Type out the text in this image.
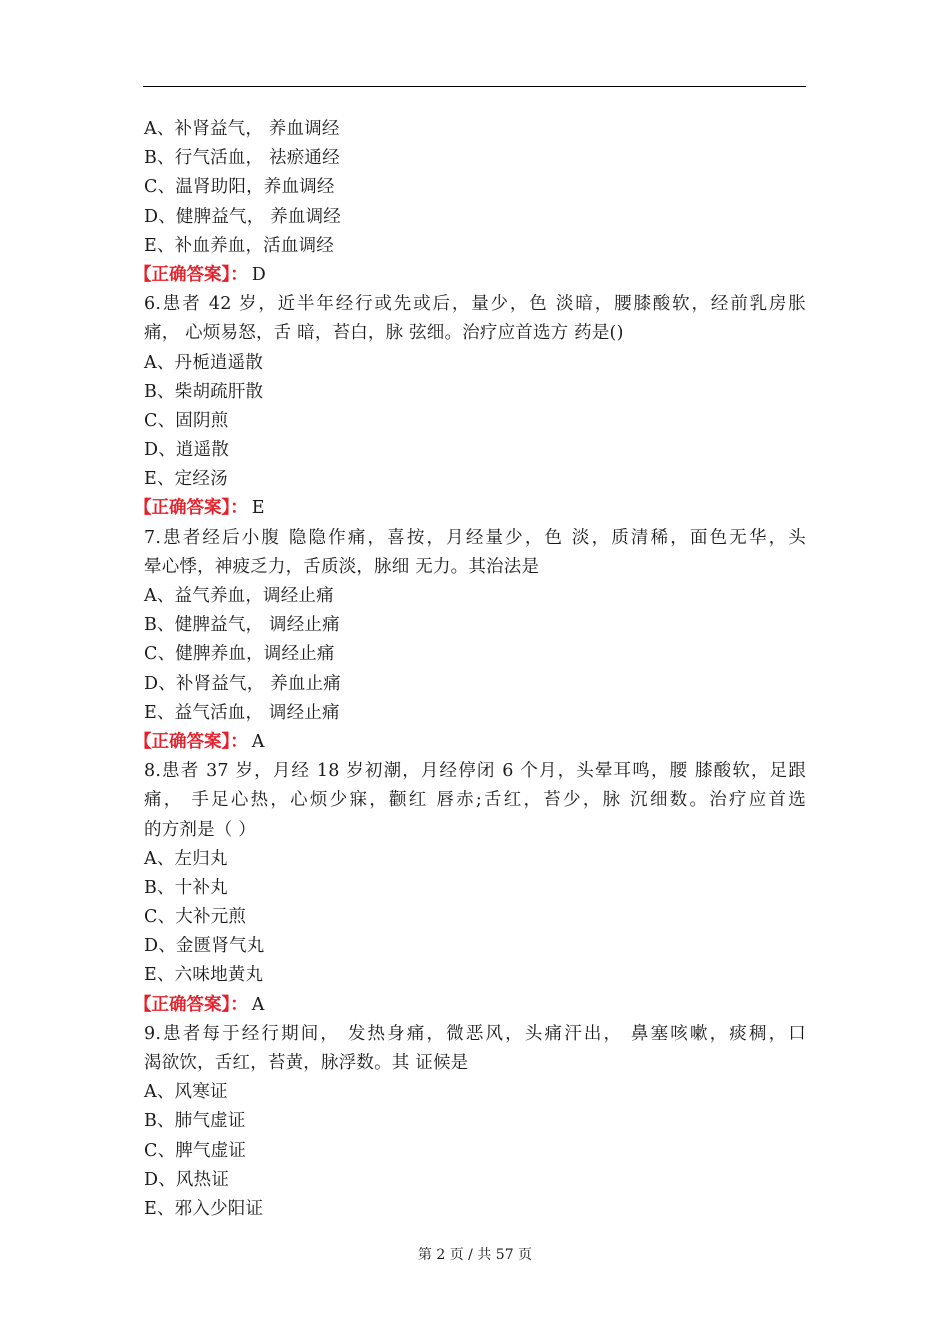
A、补肾益气， 养血调经
B、行气活血， 祛瘀通经
C、温肾助阳，养血调经
D、健脾益气， 养血调经
E、补血养血，活血调经
【正确答案】： D
6.患者 42 岁，近半年经行或先或后，量少，色 淡暗，腰膝酸软，经前乳房胀
痛， 心烦易怒，舌 暗，苔白，脉 弦细。治疗应首选方 药是()
A、丹栀逍遥散
B、柴胡疏肝散
C、固阴煎
D、逍遥散
E、定经汤
【正确答案】： E
7.患者经后小腹 隐隐作痛，喜按，月经量少，色 淡，质清稀，面色无华，头
晕心悸，神疲乏力，舌质淡，脉细 无力。其治法是
A、益气养血，调经止痛
B、健脾益气， 调经止痛
C、健脾养血，调经止痛
D、补肾益气， 养血止痛
E、益气活血， 调经止痛
【正确答案】： A
8.患者 37 岁，月经 18 岁初潮，月经停闭 6 个月，头晕耳鸣，腰 膝酸软，足跟
痛， 手足心热，心烦少寐，颧红 唇赤;舌红，苔少，脉 沉细数。治疗应首选
的方剂是（ ）
A、左归丸
B、十补丸
C、大补元煎
D、金匮肾气丸
E、六味地黄丸
【正确答案】： A
9.患者每于经行期间， 发热身痛，微恶风，头痛汗出， 鼻塞咳嗽，痰稠，口
渴欲饮，舌红，苔黄，脉浮数。其 证候是
A、风寒证
B、肺气虚证
C、脾气虚证
D、风热证
E、邪入少阳证
第 2 页 / 共 57 页
